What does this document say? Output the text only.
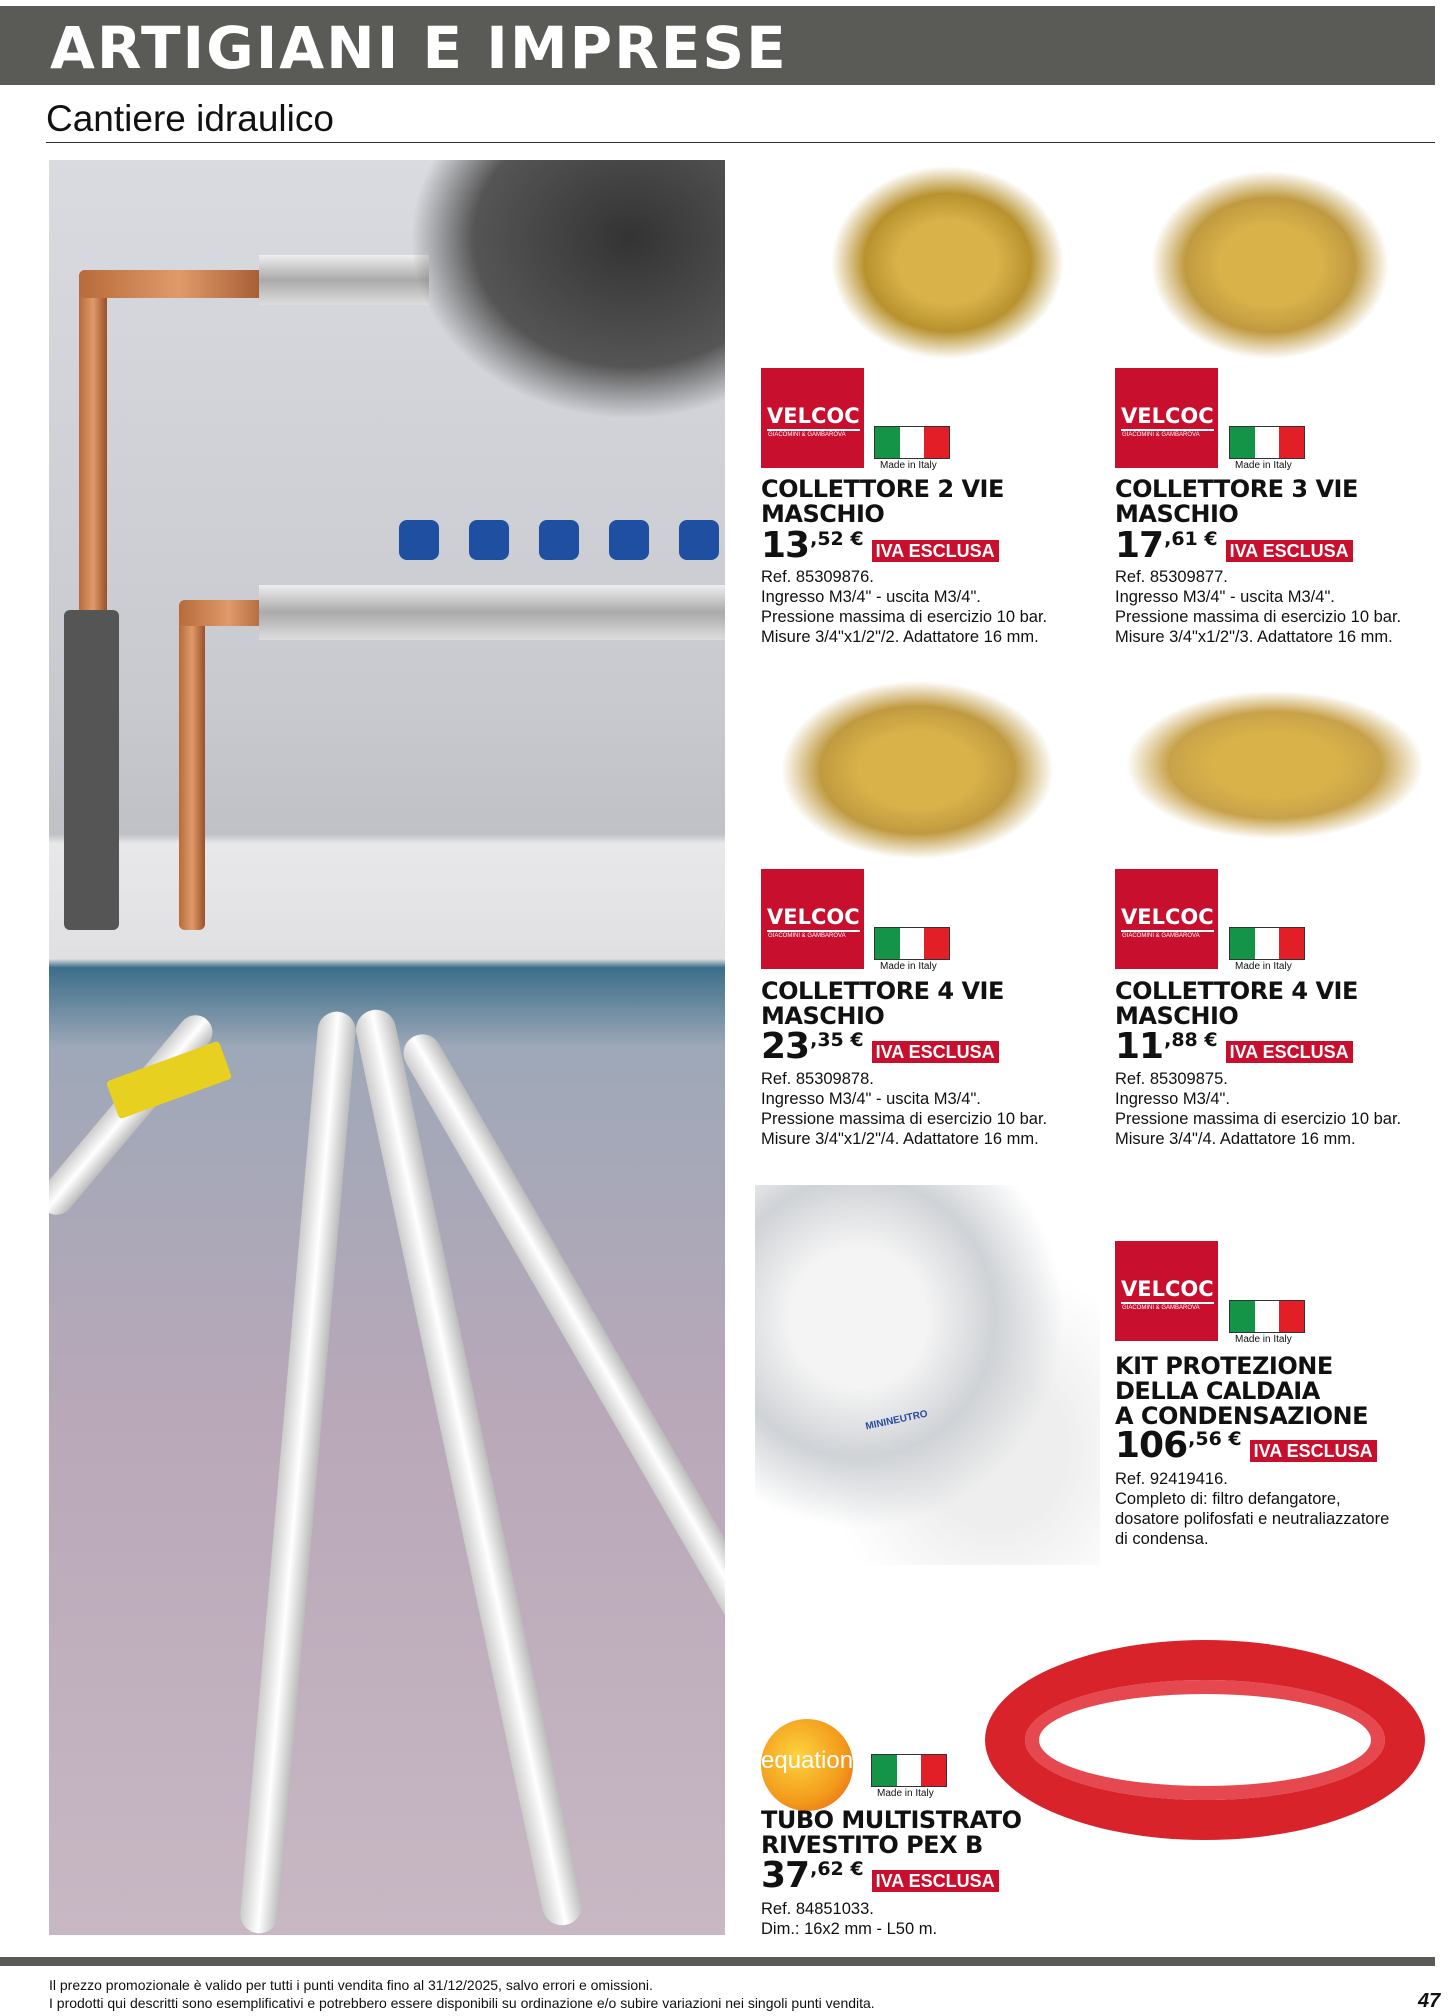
ARTIGIANI E IMPRESE
Cantiere idraulico
VELCOC
GIACOMINI & GAMBAROVA
Made in Italy
COLLETTORE 2 VIE
MASCHIO
13 ,52 €
IVA ESCLUSA
Ref. 85309876.
Ingresso M3/4" - uscita M3/4".
Pressione massima di esercizio 10 bar.
Misure 3/4"x1/2"/2. Adattatore 16 mm.
VELCOC
GIACOMINI & GAMBAROVA
Made in Italy
COLLETTORE 3 VIE
MASCHIO
17 ,61 €
IVA ESCLUSA
Ref. 85309877.
Ingresso M3/4" - uscita M3/4".
Pressione massima di esercizio 10 bar.
Misure 3/4"x1/2"/3. Adattatore 16 mm.
VELCOC
GIACOMINI & GAMBAROVA
Made in Italy
COLLETTORE 4 VIE
MASCHIO
23 ,35 €
IVA ESCLUSA
Ref. 85309878.
Ingresso M3/4" - uscita M3/4".
Pressione massima di esercizio 10 bar.
Misure 3/4"x1/2"/4. Adattatore 16 mm.
VELCOC
GIACOMINI & GAMBAROVA
Made in Italy
COLLETTORE 4 VIE
MASCHIO
11 ,88 €
IVA ESCLUSA
Ref. 85309875.
Ingresso M3/4".
Pressione massima di esercizio 10 bar.
Misure 3/4"/4. Adattatore 16 mm.
MININEUTRO
VELCOC
GIACOMINI & GAMBAROVA
Made in Italy
KIT PROTEZIONE
DELLA CALDAIA
A CONDENSAZIONE
106 ,56 €
IVA ESCLUSA
Ref. 92419416.
Completo di: filtro defangatore,
dosatore polifosfati e neutraliazzatore
di condensa.
equation
Made in Italy
TUBO MULTISTRATO
RIVESTITO PEX B
37 ,62 €
IVA ESCLUSA
Ref. 84851033.
Dim.: 16x2 mm - L50 m.
Il prezzo promozionale è valido per tutti i punti vendita fino al 31/12/2025, salvo errori e omissioni.
I prodotti qui descritti sono esemplificativi e potrebbero essere disponibili su ordinazione e/o subire variazioni nei singoli punti vendita.	47
